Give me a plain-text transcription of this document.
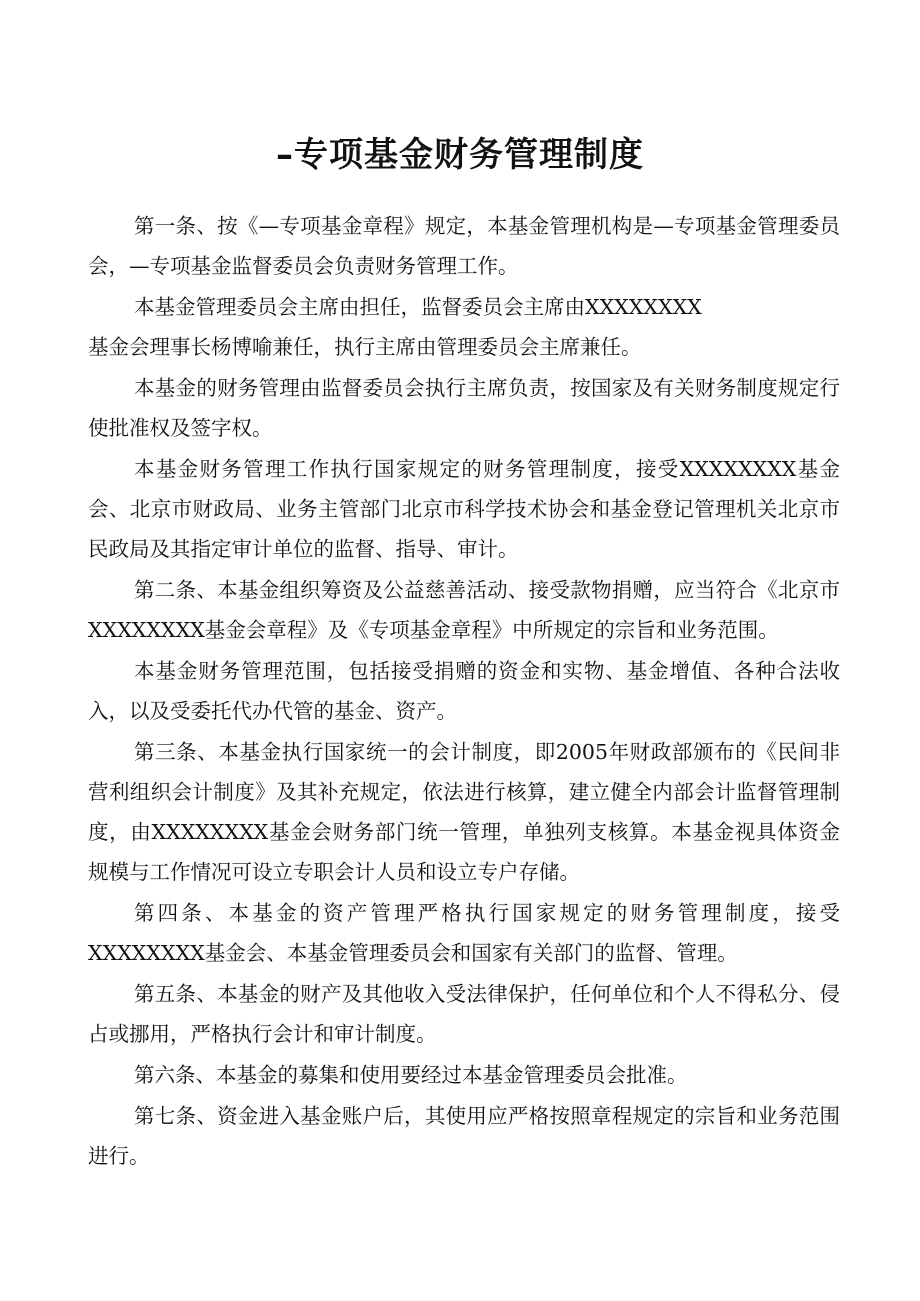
–专项基金财务管理制度

第一条、按《—专项基金章程》规定，本基金管理机构是—专项基金管理委员会，—专项基金监督委员会负责财务管理工作。

本基金管理委员会主席由担任，监督委员会主席由XXXXXXXX
基金会理事长杨博喻兼任，执行主席由管理委员会主席兼任。

本基金的财务管理由监督委员会执行主席负责，按国家及有关财务制度规定行使批准权及签字权。

本基金财务管理工作执行国家规定的财务管理制度，接受XXXXXXXX基金会、北京市财政局、业务主管部门北京市科学技术协会和基金登记管理机关北京市民政局及其指定审计单位的监督、指导、审计。

第二条、本基金组织筹资及公益慈善活动、接受款物捐赠，应当符合《北京市XXXXXXXX基金会章程》及《专项基金章程》中所规定的宗旨和业务范围。

本基金财务管理范围，包括接受捐赠的资金和实物、基金增值、各种合法收入，以及受委托代办代管的基金、资产。

第三条、本基金执行国家统一的会计制度，即2005年财政部颁布的《民间非营利组织会计制度》及其补充规定，依法进行核算，建立健全内部会计监督管理制度，由XXXXXXXX基金会财务部门统一管理，单独列支核算。本基金视具体资金规模与工作情况可设立专职会计人员和设立专户存储。

第四条、本基金的资产管理严格执行国家规定的财务管理制度，接受XXXXXXXX基金会、本基金管理委员会和国家有关部门的监督、管理。

第五条、本基金的财产及其他收入受法律保护，任何单位和个人不得私分、侵占或挪用，严格执行会计和审计制度。

第六条、本基金的募集和使用要经过本基金管理委员会批准。

第七条、资金进入基金账户后，其使用应严格按照章程规定的宗旨和业务范围进行。
